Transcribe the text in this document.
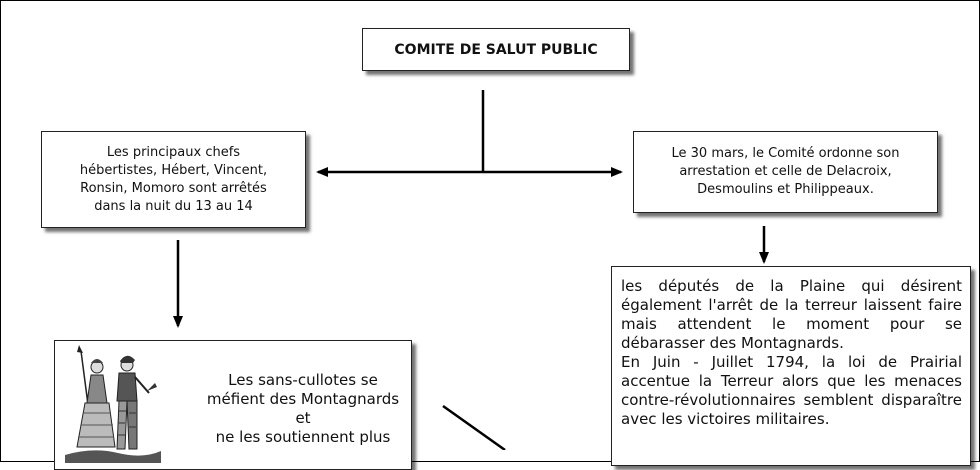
COMITE DE SALUT PUBLIC
Les principaux chefs
hébertistes, Hébert, Vincent,
Ronsin, Momoro sont arrêtés
dans la nuit du 13 au 14
Le 30 mars, le Comité ordonne son
arrestation et celle de Delacroix,
Desmoulins et Philippeaux.

les députés de la Plaine qui désirent également l'arrêt de la terreur laissent faire mais attendent le moment pour se débarasser des Montagnards.

En Juin - Juillet 1794, la loi de Prairial accentue la Terreur alors que les menaces contre-révolutionnaires semblent disparaître avec les victoires militaires.

Les sans-cullotes se
méfient des Montagnards et
ne les soutiennent plus
